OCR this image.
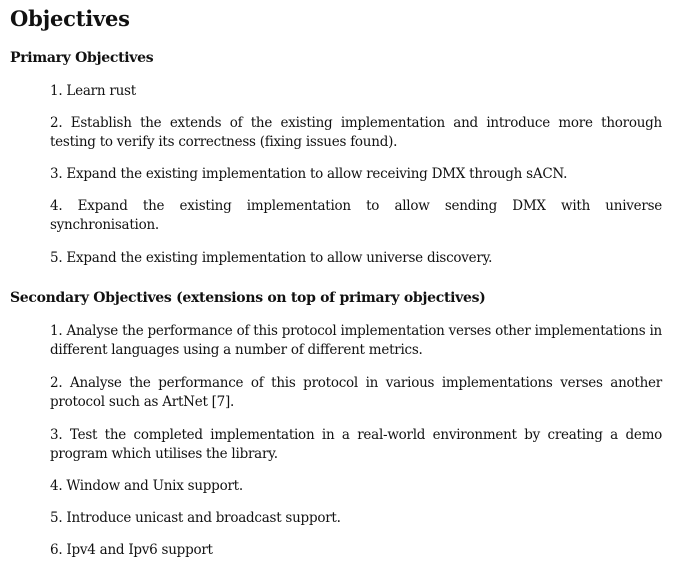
Objectives
Primary Objectives
1. Learn rust
2. Establish the extends of the existing implementation and introduce more thorough testing to verify its correctness (fixing issues found).
3. Expand the existing implementation to allow receiving DMX through sACN.
4. Expand the existing implementation to allow sending DMX with universe synchronisation.
5. Expand the existing implementation to allow universe discovery.
Secondary Objectives (extensions on top of primary objectives)
1. Analyse the performance of this protocol implementation verses other implementations in different languages using a number of different metrics.
2. Analyse the performance of this protocol in various implementations verses another protocol such as ArtNet [7].
3. Test the completed implementation in a real-world environment by creating a demo program which utilises the library.
4. Window and Unix support.
5. Introduce unicast and broadcast support.
6. Ipv4 and Ipv6 support
